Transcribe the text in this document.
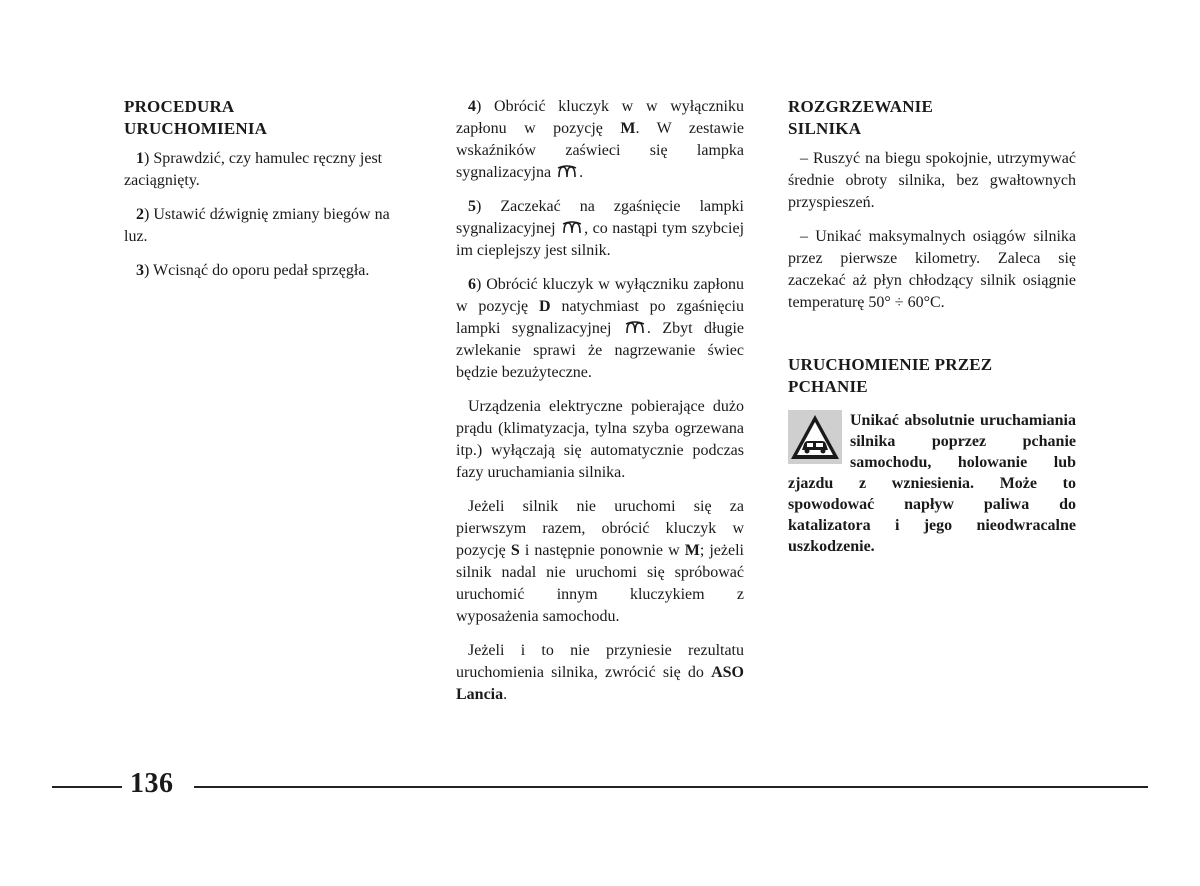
PROCEDURA
URUCHOMIENIA

1) Sprawdzić, czy hamulec ręczny jest zaciągnięty.

2) Ustawić dźwignię zmiany biegów na luz.

3) Wcisnąć do oporu pedał sprzęgła.

4) Obrócić kluczyk w w wyłączniku zapłonu w pozycję M. W zestawie wskaźników zaświeci się lampka sygnalizacyjna .

5) Zaczekać na zgaśnięcie lampki sygnalizacyjnej , co nastąpi tym szybciej im cieplejszy jest silnik.

6) Obrócić kluczyk w wyłączniku zapłonu w pozycję D natychmiast po zgaśnięciu lampki sygnalizacyjnej . Zbyt długie zwlekanie sprawi że nagrzewanie świec będzie bezużyteczne.

Urządzenia elektryczne pobierające dużo prądu (klimatyzacja, tylna szyba ogrzewana itp.) wyłączają się automatycznie podczas fazy uruchamiania silnika.

Jeżeli silnik nie uruchomi się za pierwszym razem, obrócić kluczyk w pozycję S i następnie ponownie w M; jeżeli silnik nadal nie uruchomi się spróbować uruchomić innym kluczykiem z wyposażenia samochodu.

Jeżeli i to nie przyniesie rezultatu uruchomienia silnika, zwrócić się do ASO Lancia.

ROZGRZEWANIE
SILNIKA

– Ruszyć na biegu spokojnie, utrzymywać średnie obroty silnika, bez gwałtownych przyspieszeń.

– Unikać maksymalnych osiągów silnika przez pierwsze kilometry. Zaleca się zaczekać aż płyn chłodzący silnik osiągnie temperaturę 50° ÷ 60°C.

URUCHOMIENIE PRZEZ
PCHANIE

Unikać absolutnie uruchamiania silnika poprzez pchanie samochodu, holowanie lub zjazdu z wzniesienia. Może to spowodować napływ paliwa do katalizatora i jego nieodwracalne uszkodzenie.

136
